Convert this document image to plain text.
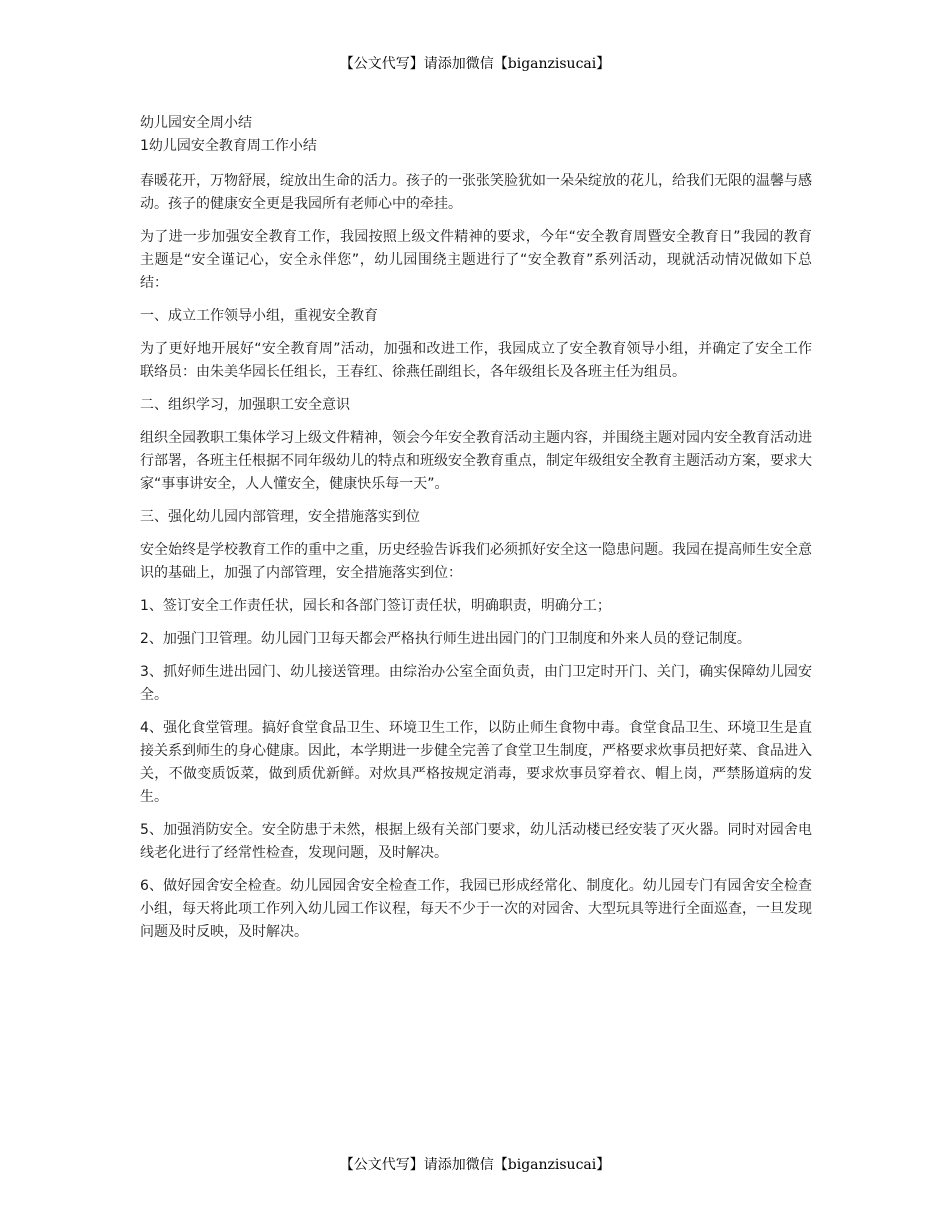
【公文代写】请添加微信【biganzisucai】

幼儿园安全周小结

1幼儿园安全教育周工作小结

春暖花开，万物舒展，绽放出生命的活力。孩子的一张张笑脸犹如一朵朵绽放的花儿，给我们无限的温馨与感动。孩子的健康安全更是我园所有老师心中的牵挂。

为了进一步加强安全教育工作，我园按照上级文件精神的要求，今年“安全教育周暨安全教育日”我园的教育主题是“安全谨记心，安全永伴您”，幼儿园围绕主题进行了“安全教育”系列活动，现就活动情况做如下总结：

一、成立工作领导小组，重视安全教育

为了更好地开展好“安全教育周”活动，加强和改进工作，我园成立了安全教育领导小组，并确定了安全工作联络员：由朱美华园长任组长，王春红、徐燕任副组长，各年级组长及各班主任为组员。

二、组织学习，加强职工安全意识

组织全园教职工集体学习上级文件精神，领会今年安全教育活动主题内容，并围绕主题对园内安全教育活动进行部署，各班主任根据不同年级幼儿的特点和班级安全教育重点，制定年级组安全教育主题活动方案，要求大家“事事讲安全，人人懂安全，健康快乐每一天”。

三、强化幼儿园内部管理，安全措施落实到位

安全始终是学校教育工作的重中之重，历史经验告诉我们必须抓好安全这一隐患问题。我园在提高师生安全意识的基础上，加强了内部管理，安全措施落实到位：

1、签订安全工作责任状，园长和各部门签订责任状，明确职责，明确分工；

2、加强门卫管理。幼儿园门卫每天都会严格执行师生进出园门的门卫制度和外来人员的登记制度。

3、抓好师生进出园门、幼儿接送管理。由综治办公室全面负责，由门卫定时开门、关门，确实保障幼儿园安全。

4、强化食堂管理。搞好食堂食品卫生、环境卫生工作，以防止师生食物中毒。食堂食品卫生、环境卫生是直接关系到师生的身心健康。因此，本学期进一步健全完善了食堂卫生制度，严格要求炊事员把好菜、食品进入关，不做变质饭菜，做到质优新鲜。对炊具严格按规定消毒，要求炊事员穿着衣、帽上岗，严禁肠道病的发生。

5、加强消防安全。安全防患于未然，根据上级有关部门要求，幼儿活动楼已经安装了灭火器。同时对园舍电线老化进行了经常性检查，发现问题，及时解决。

6、做好园舍安全检查。幼儿园园舍安全检查工作，我园已形成经常化、制度化。幼儿园专门有园舍安全检查小组，每天将此项工作列入幼儿园工作议程，每天不少于一次的对园舍、大型玩具等进行全面巡查，一旦发现问题及时反映，及时解决。

【公文代写】请添加微信【biganzisucai】
